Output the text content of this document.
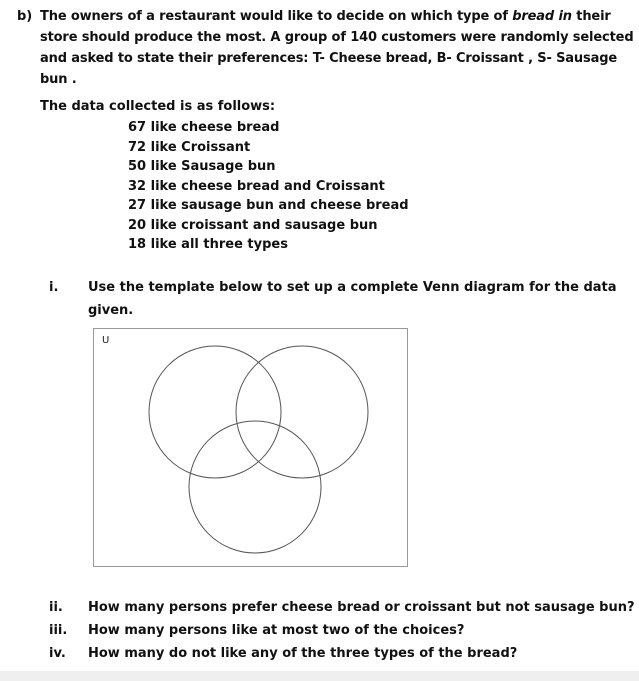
b) The owners of a restaurant would like to decide on which type of bread in their
store should produce the most. A group of 140 customers were randomly selected
and asked to state their preferences: T- Cheese bread, B- Croissant , S- Sausage
bun .
The data collected is as follows:
67 like cheese bread
72 like Croissant
50 like Sausage bun
32 like cheese bread and Croissant
27 like sausage bun and cheese bread
20 like croissant and sausage bun
18 like all three types
i. Use the template below to set up a complete Venn diagram for the data
given.
U
ii. How many persons prefer cheese bread or croissant but not sausage bun?
iii. How many persons like at most two of the choices?
iv. How many do not like any of the three types of the bread?
